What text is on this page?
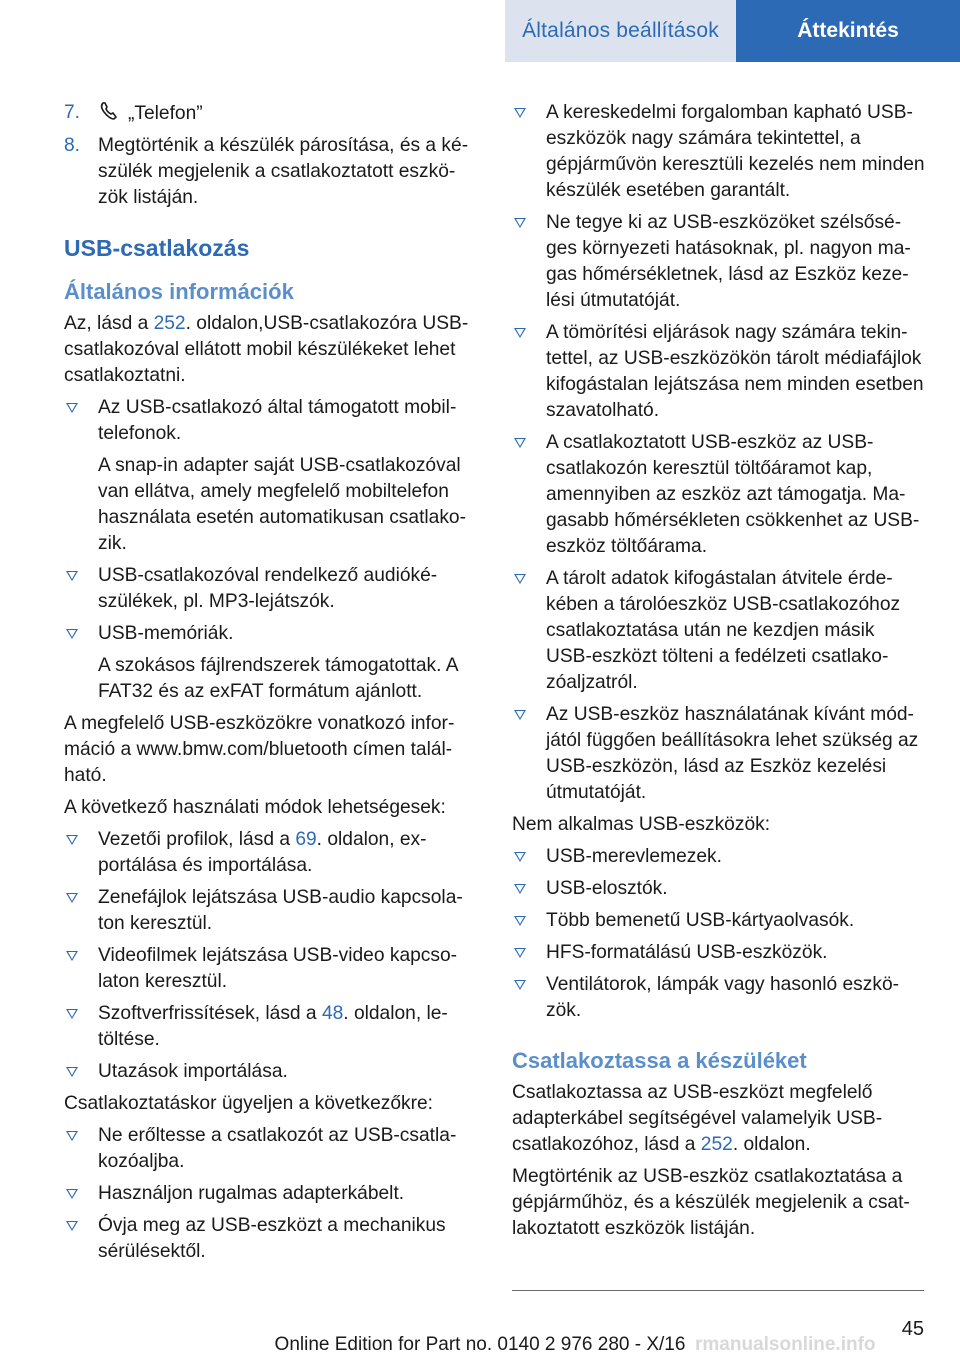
Általános beállítások	Áttekintés
7. „Telefon”
8. Megtörténik a készülék párosítása, és a készülék megjelenik a csatlakoztatott eszközök listáján.
USB-csatlakozás
Általános információk

Az, lásd a 252. oldalon,USB-csatlakozóra USB-csatlakozóval ellátott mobil készülékeket lehet csatlakoztatni.

Az USB-csatlakozó által támogatott mobiltelefonok.
A snap-in adapter saját USB-csatlakozóval van ellátva, amely megfelelő mobiltelefon használata esetén automatikusan csatlakozik.
USB-csatlakozóval rendelkező audiókészülékek, pl. MP3-lejátszók.
USB-memóriák.
A szokásos fájlrendszerek támogatottak. A FAT32 és az exFAT formátum ajánlott.

A megfelelő USB-eszközökre vonatkozó információ a www.bmw.com/bluetooth címen található.

A következő használati módok lehetségesek:

Vezetői profilok, lásd a 69. oldalon, exportálása és importálása.
Zenefájlok lejátszása USB-audio kapcsolaton keresztül.
Videofilmek lejátszása USB-video kapcsolaton keresztül.
Szoftverfrissítések, lásd a 48. oldalon, letöltése.
Utazások importálása.

Csatlakoztatáskor ügyeljen a következőkre:

Ne erőltesse a csatlakozót az USB-csatlakozóaljba.
Használjon rugalmas adapterkábelt.
Óvja meg az USB-eszközt a mechanikus sérülésektől.
A kereskedelmi forgalomban kapható USB-eszközök nagy számára tekintettel, a gépjárművön keresztüli kezelés nem minden készülék esetében garantált.
Ne tegye ki az USB-eszközöket szélsőséges környezeti hatásoknak, pl. nagyon magas hőmérsékletnek, lásd az Eszköz kezelési útmutatóját.
A tömörítési eljárások nagy számára tekintettel, az USB-eszközökön tárolt médiafájlok kifogástalan lejátszása nem minden esetben szavatolható.
A csatlakoztatott USB-eszköz az USB-csatlakozón keresztül töltőáramot kap, amennyiben az eszköz azt támogatja. Magasabb hőmérsékleten csökkenhet az USB-eszköz töltőárama.
A tárolt adatok kifogástalan átvitele érdekében a tárolóeszköz USB-csatlakozóhoz csatlakoztatása után ne kezdjen másik USB-eszközt tölteni a fedélzeti csatlakozóaljzatról.
Az USB-eszköz használatának kívánt módjától függően beállításokra lehet szükség az USB-eszközön, lásd az Eszköz kezelési útmutatóját.

Nem alkalmas USB-eszközök:

USB-merevlemezek.
USB-elosztók.
Több bemenetű USB-kártyaolvasók.
HFS-formatálású USB-eszközök.
Ventilátorok, lámpák vagy hasonló eszközök.
Csatlakoztassa a készüléket

Csatlakoztassa az USB-eszközt megfelelő adapterkábel segítségével valamelyik USB-csatlakozóhoz, lásd a 252. oldalon.

Megtörténik az USB-eszköz csatlakoztatása a gépjárműhöz, és a készülék megjelenik a csatlakoztatott eszközök listáján.

45
Online Edition for Part no. 0140 2 976 280 - X/16 rmanualsonline.info
